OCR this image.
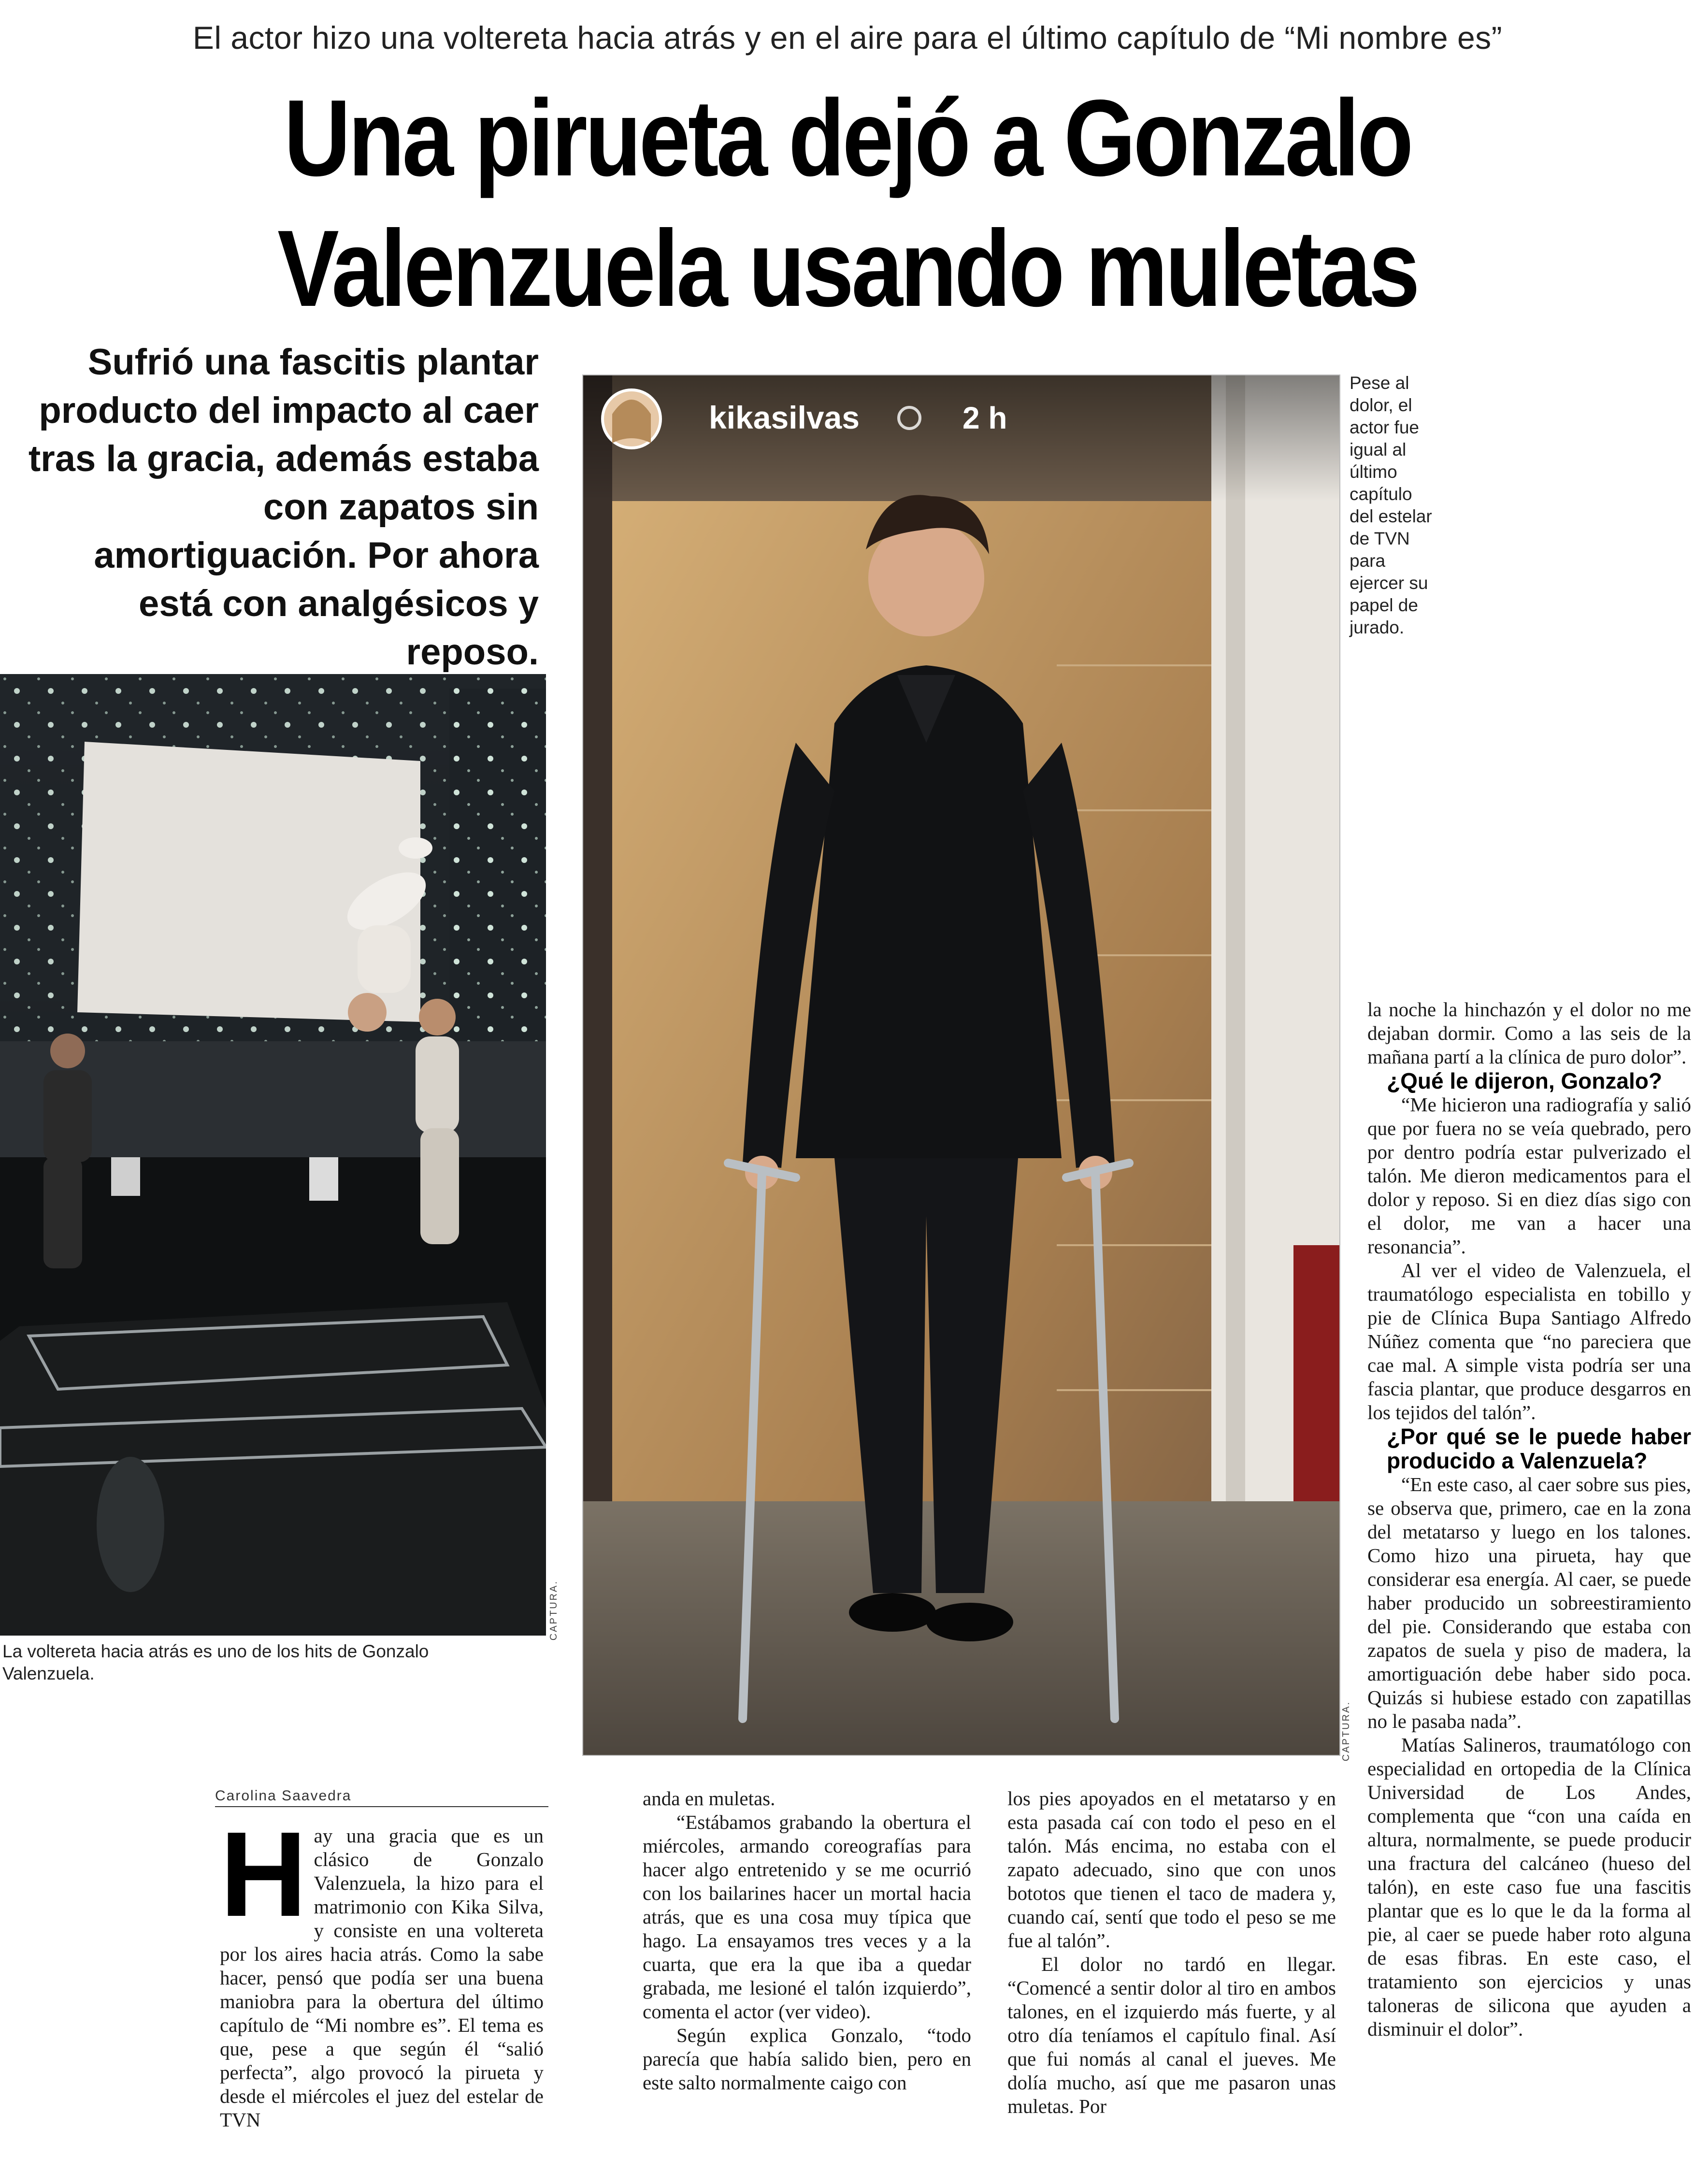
El actor hizo una voltereta hacia atrás y en el aire para el último capítulo de “Mi nombre es”
Una pirueta dejó a Gonzalo
Valenzuela usando muletas
Sufrió una fascitis plantar producto del impacto al caer tras la gracia, además estaba con zapatos sin amortiguación. Por ahora está con analgésicos y reposo.
CAPTURA.
La voltereta hacia atrás es uno de los hits de Gonzalo Valenzuela.
kikasilvas	2 h
CAPTURA.
Pese al dolor, el actor fue igual al último capítulo del estelar de TVN para ejercer su papel de jurado.
Carolina Saavedra
H ay una gracia que es un clásico de Gonzalo Valenzuela, la hizo para el matrimonio con Kika Silva, y consiste en una voltereta por los aires hacia atrás. Como la sabe hacer, pensó que podía ser una buena maniobra para la obertura del último capítulo de “Mi nombre es”. El tema es que, pese a que según él “salió perfecta”, algo provocó la pirueta y desde el miércoles el juez del estelar de TVN

anda en muletas.

“Estábamos grabando la obertura el miércoles, armando coreografías para hacer algo entretenido y se me ocurrió con los bailarines hacer un mortal hacia atrás, que es una cosa muy típica que hago. La ensayamos tres veces y a la cuarta, que era la que iba a quedar grabada, me lesioné el talón izquierdo”, comenta el actor (ver video).

Según explica Gonzalo, “todo parecía que había salido bien, pero en este salto normalmente caigo con

los pies apoyados en el metatarso y en esta pasada caí con todo el peso en el talón. Más encima, no estaba con el zapato adecuado, sino que con unos bototos que tienen el taco de madera y, cuando caí, sentí que todo el peso se me fue al talón”.

El dolor no tardó en llegar. “Comencé a sentir dolor al tiro en ambos talones, en el izquierdo más fuerte, y al otro día teníamos el capítulo final. Así que fui nomás al canal el jueves. Me dolía mucho, así que me pasaron unas muletas. Por

la noche la hinchazón y el dolor no me dejaban dormir. Como a las seis de la mañana partí a la clínica de puro dolor”.

¿Qué le dijeron, Gonzalo?

“Me hicieron una radiografía y salió que por fuera no se veía quebrado, pero por dentro podría estar pulverizado el talón. Me dieron medicamentos para el dolor y reposo. Si en diez días sigo con el dolor, me van a hacer una resonancia”.

Al ver el video de Valenzuela, el traumatólogo especialista en tobillo y pie de Clínica Bupa Santiago Alfredo Núñez comenta que “no pareciera que cae mal. A simple vista podría ser una fascia plantar, que produce desgarros en los tejidos del talón”.

¿Por qué se le puede haber producido a Valenzuela?

“En este caso, al caer sobre sus pies, se observa que, primero, cae en la zona del metatarso y luego en los talones. Como hizo una pirueta, hay que considerar esa energía. Al caer, se puede haber producido un sobreestiramiento del pie. Considerando que estaba con zapatos de suela y piso de madera, la amortiguación debe haber sido poca. Quizás si hubiese estado con zapatillas no le pasaba nada”.

Matías Salineros, traumatólogo con especialidad en ortopedia de la Clínica Universidad de Los Andes, complementa que “con una caída en altura, normalmente, se puede producir una fractura del calcáneo (hueso del talón), en este caso fue una fascitis plantar que es lo que le da la forma al pie, al caer se puede haber roto alguna de esas fibras. En este caso, el tratamiento son ejercicios y unas taloneras de silicona que ayuden a disminuir el dolor”.
